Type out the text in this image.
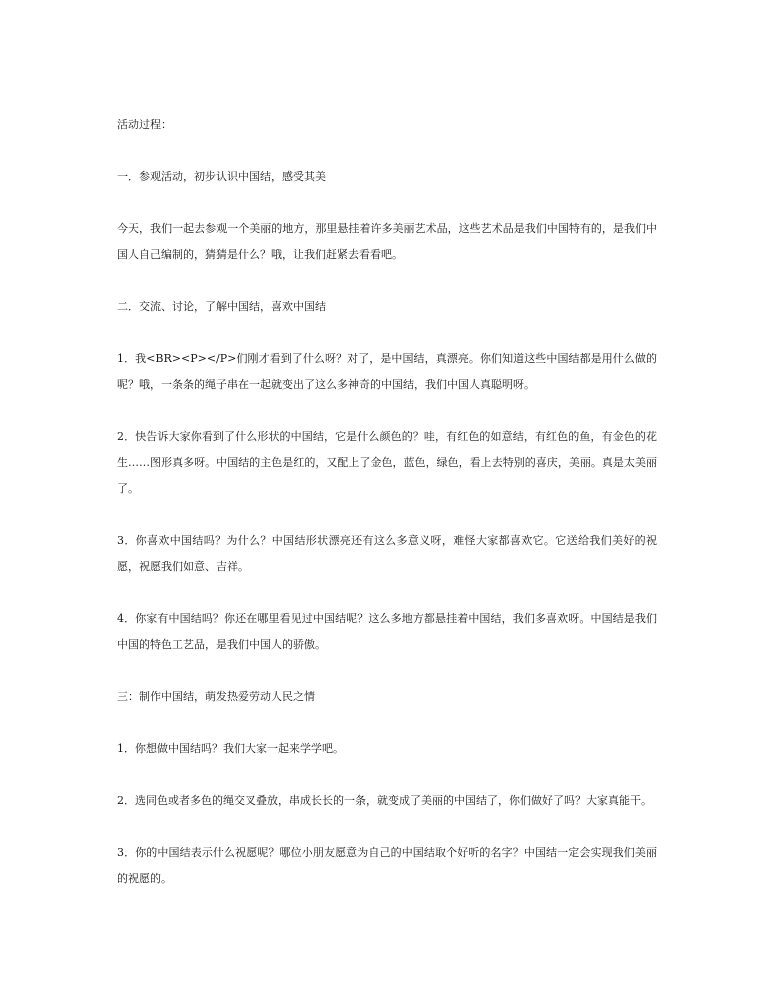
活动过程：

一．参观活动，初步认识中国结，感受其美

今天，我们一起去参观一个美丽的地方，那里悬挂着许多美丽艺术品，这些艺术品是我们中国特有的，是我们中国人自己编制的，猜猜是什么？哦，让我们赶紧去看看吧。

二．交流、讨论，了解中国结，喜欢中国结

1．我<BR><P></P>们刚才看到了什么呀？对了，是中国结，真漂亮。你们知道这些中国结都是用什么做的呢？哦，一条条的绳子串在一起就变出了这么多神奇的中国结，我们中国人真聪明呀。

2．快告诉大家你看到了什么形状的中国结，它是什么颜色的？哇，有红色的如意结，有红色的鱼，有金色的花生……图形真多呀。中国结的主色是红的，又配上了金色，蓝色，绿色，看上去特别的喜庆，美丽。真是太美丽了。

3．你喜欢中国结吗？为什么？中国结形状漂亮还有这么多意义呀，难怪大家都喜欢它。它送给我们美好的祝愿，祝愿我们如意、吉祥。

4．你家有中国结吗？你还在哪里看见过中国结呢？这么多地方都悬挂着中国结，我们多喜欢呀。中国结是我们中国的特色工艺品，是我们中国人的骄傲。

三：制作中国结，萌发热爱劳动人民之情

1．你想做中国结吗？我们大家一起来学学吧。

2．选同色或者多色的绳交叉叠放，串成长长的一条，就变成了美丽的中国结了，你们做好了吗？大家真能干。

3．你的中国结表示什么祝愿呢？哪位小朋友愿意为自己的中国结取个好听的名字？中国结一定会实现我们美丽的祝愿的。
